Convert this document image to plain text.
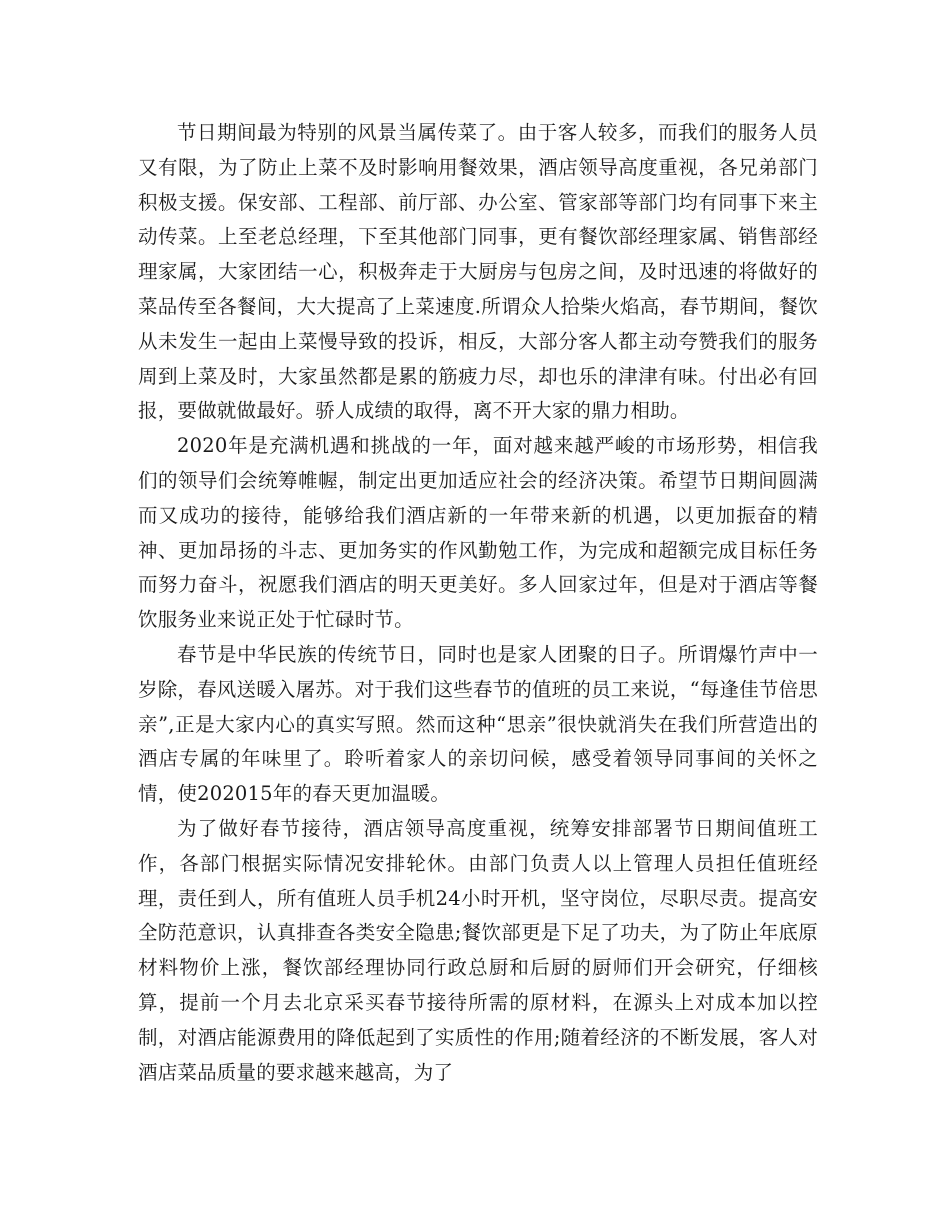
节日期间最为特别的风景当属传菜了。由于客人较多，而我们的服务人员又有限，为了防止上菜不及时影响用餐效果，酒店领导高度重视，各兄弟部门积极支援。保安部、工程部、前厅部、办公室、管家部等部门均有同事下来主动传菜。上至老总经理，下至其他部门同事，更有餐饮部经理家属、销售部经理家属，大家团结一心，积极奔走于大厨房与包房之间，及时迅速的将做好的菜品传至各餐间，大大提高了上菜速度.所谓众人拾柴火焰高，春节期间，餐饮从未发生一起由上菜慢导致的投诉，相反，大部分客人都主动夸赞我们的服务周到上菜及时，大家虽然都是累的筋疲力尽，却也乐的津津有味。付出必有回报，要做就做最好。骄人成绩的取得，离不开大家的鼎力相助。

2020年是充满机遇和挑战的一年，面对越来越严峻的市场形势，相信我们的领导们会统筹帷幄，制定出更加适应社会的经济决策。希望节日期间圆满而又成功的接待，能够给我们酒店新的一年带来新的机遇，以更加振奋的精神、更加昂扬的斗志、更加务实的作风勤勉工作，为完成和超额完成目标任务而努力奋斗，祝愿我们酒店的明天更美好。多人回家过年，但是对于酒店等餐饮服务业来说正处于忙碌时节。

春节是中华民族的传统节日，同时也是家人团聚的日子。所谓爆竹声中一岁除，春风送暖入屠苏。对于我们这些春节的值班的员工来说，“每逢佳节倍思亲”,正是大家内心的真实写照。然而这种“思亲”很快就消失在我们所营造出的酒店专属的年味里了。聆听着家人的亲切问候，感受着领导同事间的关怀之情，使202015年的春天更加温暖。

为了做好春节接待，酒店领导高度重视，统筹安排部署节日期间值班工作，各部门根据实际情况安排轮休。由部门负责人以上管理人员担任值班经理，责任到人，所有值班人员手机24小时开机，坚守岗位，尽职尽责。提高安全防范意识，认真排查各类安全隐患;餐饮部更是下足了功夫，为了防止年底原材料物价上涨，餐饮部经理协同行政总厨和后厨的厨师们开会研究，仔细核算，提前一个月去北京采买春节接待所需的原材料，在源头上对成本加以控制，对酒店能源费用的降低起到了实质性的作用;随着经济的不断发展，客人对酒店菜品质量的要求越来越高，为了
